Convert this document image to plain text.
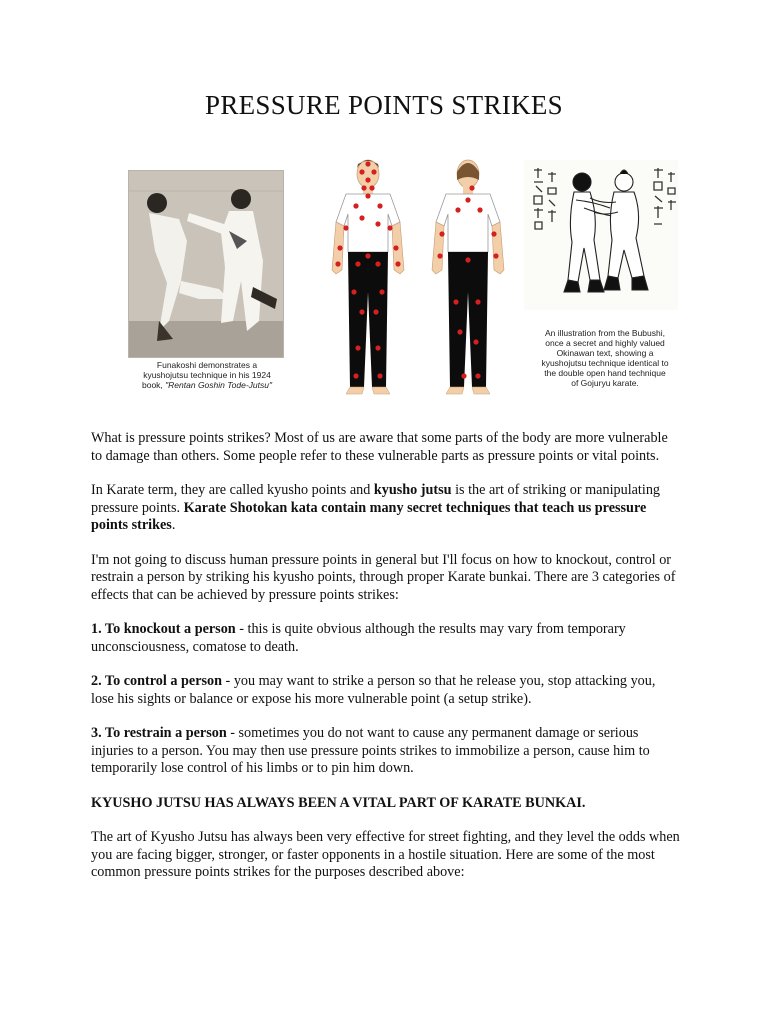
PRESSURE POINTS STRIKES
Funakoshi demonstrates a
kyushojutsu technique in his 1924
book, "Rentan Goshin Tode-Jutsu"
An illustration from the Bubushi,
once a secret and highly valued
Okinawan text, showing a
kyushojutsu technique identical to
the double open hand technique
of Gojuryu karate.

What is pressure points strikes? Most of us are aware that some parts of the body are more vulnerable to damage than others. Some people refer to these vulnerable parts as pressure points or vital points.

In Karate term, they are called kyusho points and kyusho jutsu is the art of striking or manipulating pressure points. Karate Shotokan kata contain many secret techniques that teach us pressure points strikes.

I'm not going to discuss human pressure points in general but I'll focus on how to knockout, control or restrain a person by striking his kyusho points, through proper Karate bunkai. There are 3 categories of effects that can be achieved by pressure points strikes:

1. To knockout a person - this is quite obvious although the results may vary from temporary unconsciousness, comatose to death.

2. To control a person - you may want to strike a person so that he release you, stop attacking you, lose his sights or balance or expose his more vulnerable point (a setup strike).

3. To restrain a person - sometimes you do not want to cause any permanent damage or serious injuries to a person. You may then use pressure points strikes to immobilize a person, cause him to temporarily lose control of his limbs or to pin him down.

KYUSHO JUTSU HAS ALWAYS BEEN A VITAL PART OF KARATE BUNKAI.

The art of Kyusho Jutsu has always been very effective for street fighting, and they level the odds when you are facing bigger, stronger, or faster opponents in a hostile situation. Here are some of the most common pressure points strikes for the purposes described above:
